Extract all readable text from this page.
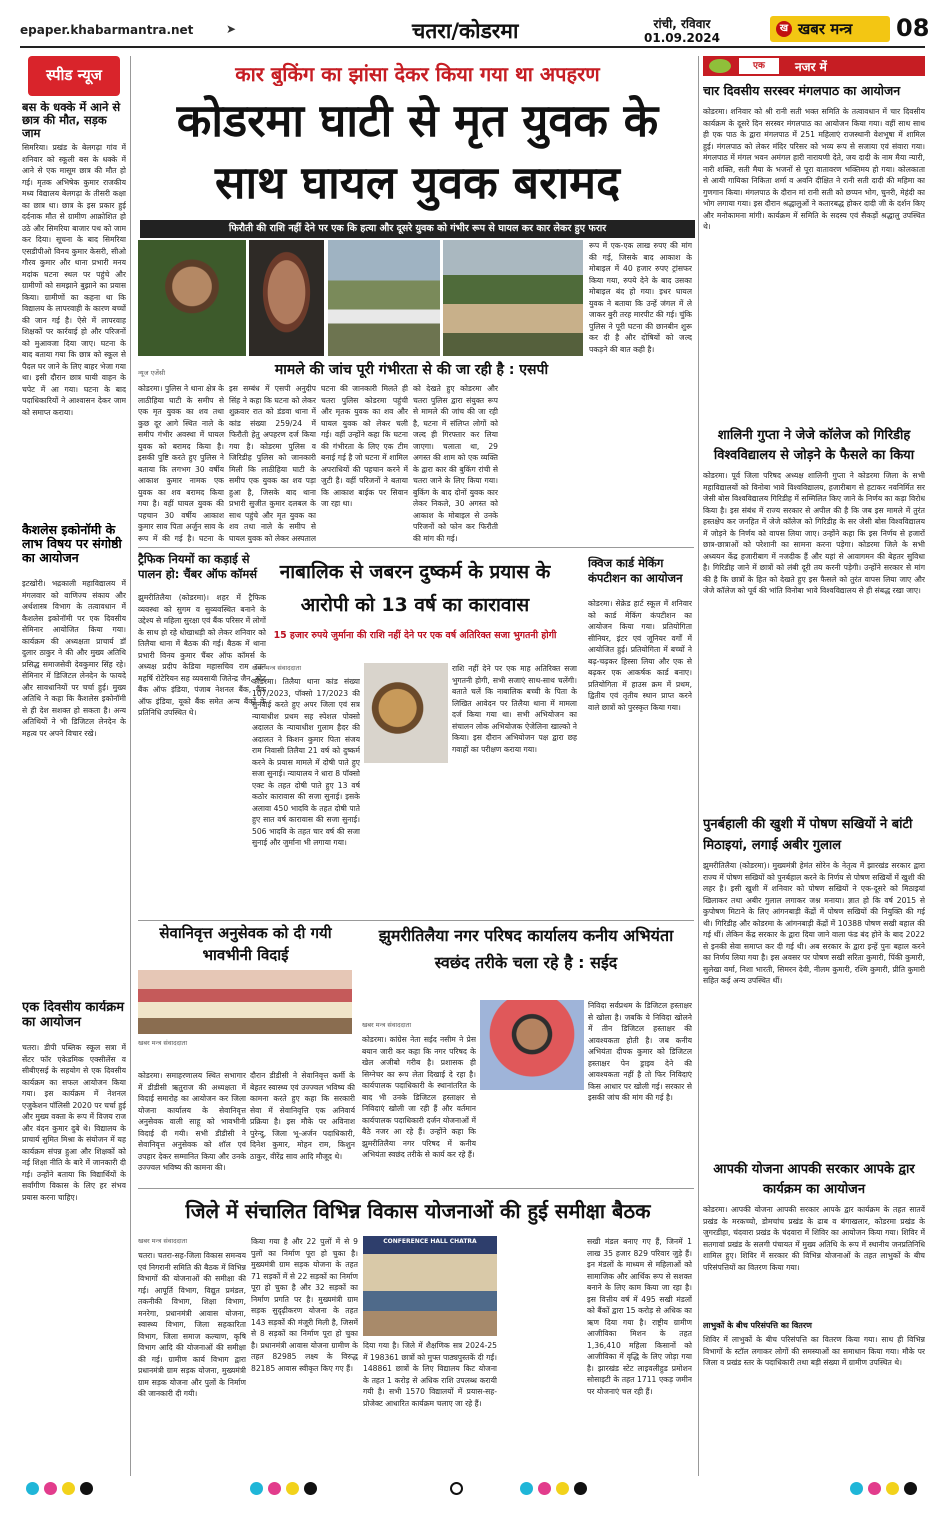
epaper.khabarmantra.net	➤	चतरा/कोडरमा	रांची, रविवार
01.09.2024
ख खबर मन्त्र	08
स्पीड न्यूज
बस के धक्के में आने से छात्र की मौत, सड़क जाम
सिमरिया। प्रखंड के बेलगढ़ा गांव में शनिवार को स्कूली बस के धक्के में आने से एक मासूम छात्र की मौत हो गई। मृतक अभिषेक कुमार राजकीय मध्य विद्यालय बेलगढ़ा के तीसरी कक्षा का छात्र था। छात्र के इस प्रकार हुई दर्दनाक मौत से ग्रामीण आक्रोशित हो उठे और सिमरिया बाजार पथ को जाम कर दिया। सूचना के बाद सिमरिया एसडीपीओ विनय कुमार केसरी, सीओ गौरव कुमार और थाना प्रभारी मनय मदांक घटना स्थल पर पहुंचे और ग्रामीणों को समझाने बुझाने का प्रयास किया। ग्रामीणों का कहना था कि विद्यालय के लापरवाही के कारण बच्चों की जान गई है। ऐसे में लापरवाह शिक्षकों पर कार्रवाई हो और परिजनों को मुआवजा दिया जाए। घटना के बाद बताया गया कि छात्र को स्कूल से पैदल घर जाने के लिए बाहर भेजा गया था। इसी दौरान छात्र घायी वाहन के चपेट में आ गया। घटना के बाद पदाधिकारियों ने आश्वासन देकर जाम को समाप्त कराया।
कैशलेस इकोनॉमी के लाभ विषय पर संगोष्ठी का आयोजन
इटखोरी। भद्रकाली महाविद्यालय में मंगलवार को वाणिज्य संकाय और अर्थशास्त्र विभाग के तत्वावधान में कैशलेस इकोनॉमी पर एक दिवसीय सेमिनार आयोजित किया गया। कार्यक्रम की अध्यक्षता प्राचार्य डॉ दुलार ठाकुर ने की और मुख्य अतिथि प्रसिद्ध समाजसेवी देवकुमार सिंह रहे। सेमिनार में डिजिटल लेनदेन के फायदे और सावधानियों पर चर्चा हुई। मुख्य अतिथि ने कहा कि कैशलेस इकोनॉमी से ही देश सशक्त हो सकता है। अन्य अतिथियों ने भी डिजिटल लेनदेन के महत्व पर अपने विचार रखे।
एक दिवसीय कार्यक्रम का आयोजन
चतरा। डीपी पब्लिक स्कूल सत्रा में सेंटर फॉर एकेडमिक एक्सीलेंस व सीबीएसई के सहयोग से एक दिवसीय कार्यक्रम का सफल आयोजन किया गया। इस कार्यक्रम में नेशनल एजुकेशन पॉलिसी 2020 पर चर्चा हुई और मुख्य वक्ता के रूप में विजय राज और वंदन कुमार दुबे थे। विद्यालय के प्राचार्य सुमित मिश्रा के संयोजन में यह कार्यक्रम संपन्न हुआ और शिक्षकों को नई शिक्षा नीति के बारे में जानकारी दी गई। उन्होंने बताया कि विद्यार्थियों के सर्वांगीण विकास के लिए हर संभव प्रयास करना चाहिए।
कार बुकिंग का झांसा देकर किया गया था अपहरण
कोडरमा घाटी से मृत युवक के साथ घायल युवक बरामद
फिरौती की राशि नहीं देने पर एक कि हत्या और दूसरे युवक को गंभीर रूप से घायल कर कार लेकर हुए फरार
न्यूज एजेंसी	मामले की जांच पूरी गंभीरता से की जा रही है : एसपी
कोडरमा। पुलिस ने थाना क्षेत्र के लाठीहिया घाटी के समीप से एक मृत युवक का शव तथा कुछ दूर आगे स्थित नाले के समीप गंभीर अवस्था में घायल युवक को बरामद किया है। इसकी पुष्टि करते हुए पुलिस ने बताया कि लगभग 30 वर्षीय आकाश कुमार नामक एक युवक का शव बरामद किया गया है। वहीं घायल युवक की पहचान 30 वर्षीय आकाश कुमार साव पिता अर्जुन साव के रूप में की गई है। घटना के
इस सम्बंध में एसपी अनुदीप सिंह ने कहा कि घटना को लेकर शुक्रवार रात को डंडवा थाना में कांड संख्या 259/24 में फिरौती हेतु अपहरण दर्ज किया गया है। कोडरमा पुलिस व जिरिडीह पुलिस को जानकारी मिली कि लाठीहिया घाटी के समीप एक युवक का शव पड़ा हुआ है, जिसके बाद थाना प्रभारी सुजीत कुमार दलबल के साथ पहुंचे और मृत युवक का शव तथा नाले के समीप से घायल युवक को लेकर अस्पताल
घटना की जानकारी मिलते ही चतरा पुलिस कोडरमा पहुंची और मृतक युवक का शव और घायल युवक को लेकर चली गई। वहीं उन्होंने कहा कि घटना की गंभीरता के लिए एक टीम बनाई गई है जो घटना में शामिल अपराधियों की पहचान करने में जुटी है। वहीं परिजनों ने बताया कि आकाश बाईक पर सिवान जा रहा था।
को देखते हुए कोडरमा और चतरा पुलिस द्वारा संयुक्त रूप से मामले की जांच की जा रही है, घटना में संलिप्त लोगों को जल्द ही गिरफ्तार कर लिया जाएगा। चलाता था, 29 अगस्त की शाम को एक व्यक्ति के द्वारा कार की बुकिंग रांची से चतरा जाने के लिए किया गया। बुकिंग के बाद दोनों युवक कार लेकर निकले, 30 अगस्त को आकाश के मोबाइल से उनके परिजनों को फोन कर फिरौती की मांग की गई।
रूप में एक-एक लाख रुपए की मांग की गई, जिसके बाद आकाश के मोबाइल में 40 हजार रुपए ट्रांसफर किया गया, रुपये देने के बाद उसका मोबाइल बंद हो गया। इधर घायल युवक ने बताया कि उन्हें जंगल में ले जाकर बुरी तरह मारपीट की गई। चुंकि पुलिस ने पूरी घटना की छानबीन शुरू कर दी है और दोषियों को जल्द पकड़ने की बात कही है।
ट्रैफिक नियमों का कड़ाई से पालन हो: चैंबर ऑफ कॉमर्स
झुमरीतिलैया (कोडरमा)। शहर में ट्रैफिक व्यवस्था को सुगम व सुव्यवस्थित बनाने के उद्देश्य से महिला सुरक्षा एवं बैंक परिसर में लोगों के साथ हो रहे धोखाधड़ी को लेकर शनिवार को तिलैया थाना में बैठक की गई। बैठक में थाना प्रभारी विनय कुमार चैंबर ऑफ कॉमर्स के अध्यक्ष प्रदीप केडिया महासचिव राम रतन महर्षि रोटेरियन सह व्यवसायी जितेन्द्र जैन, स्टेट बैंक ऑफ इंडिया, पंजाब नेशनल बैंक, बैंक ऑफ इंडिया, यूको बैंक समेत अन्य बैंकों के प्रतिनिधि उपस्थित थे।
नाबालिक से जबरन दुष्कर्म के प्रयास के आरोपी को 13 वर्ष का कारावास
15 हजार रुपये जुर्माना की राशि नहीं देने पर एक वर्ष अतिरिक्त सजा भुगतनी होगी
खबर मन्त्र संवाददाता
कोडरमा। तिलैया थाना कांड संख्या 107/2023, पॉक्सो 17/2023 की सुनवाई करते हुए अपर जिला एवं सत्र न्यायाधीश प्रथम सह स्पेशल पोक्सो अदालत के न्यायाधीश गुलाम हैदर की अदालत ने किशन कुमार पिता संजय राम निवासी तिलैया 21 वर्ष को दुष्कर्म करने के प्रयास मामले में दोषी पाते हुए सजा सुनाई। न्यायालय ने धारा 8 पॉक्सो एक्ट के तहत दोषी पाते हुए 13 वर्ष कठोर कारावास की सजा सुनाई। इसके अलावा 450 भादवि के तहत दोषी पाते हुए सात वर्ष कारावास की सजा सुनाई। 506 भादवि के तहत चार वर्ष की सजा सुनाई और जुर्माना भी लगाया गया।
राशि नहीं देने पर एक माह अतिरिक्त सजा भुगतनी होगी, सभी सजाएं साथ-साथ चलेंगी। बताते चलें कि नाबालिक बच्ची के पिता के लिखित आवेदन पर तिलैया थाना में मामला दर्ज किया गया था। सभी अभियोजन का संचालन लोक अभियोजक ऐजेलिना खाल्को ने किया। इस दौरान अभियोजन पक्ष द्वारा छह गवाहों का परीक्षण कराया गया।
क्विज कार्ड मेकिंग कंपटीशन का आयोजन
कोडरमा। सेक्रेड हार्ट स्कूल में शनिवार को कार्ड मेकिंग कंपटीशन का आयोजन किया गया। प्रतियोगिता सीनियर, इंटर एवं जूनियर वर्गों में आयोजित हुई। प्रतियोगिता में बच्चों ने बढ़-चढ़कर हिस्सा लिया और एक से बढ़कर एक आकर्षक कार्ड बनाए। प्रतियोगिता में हाउस क्रम में प्रथम, द्वितीय एवं तृतीय स्थान प्राप्त करने वाले छात्रों को पुरस्कृत किया गया।
सेवानिवृत्त अनुसेवक को दी गयी भावभीनी विदाई
खबर मन्त्र संवाददाता
कोडरमा। समाहरणालय स्थित सभागार में डीडीसी ऋतुराज की अध्यक्षता में विदाई समारोह का आयोजन कर जिला योजना कार्यालय के सेवानिवृत्त अनुसेवक वाली साहू को भावभीनी विदाई दी गयी। सभी डीडीसी ने सेवानिवृत्त अनुसेवक को शॉल एवं उपहार देकर सम्मानित किया और उनके उज्ज्वल भविष्य की कामना की।
दौरान डीडीसी ने सेवानिवृत्त कर्मी के बेहतर स्वास्थ्य एवं उज्ज्वल भविष्य की कामना करते हुए कहा कि सरकारी सेवा में सेवानिवृत्ति एक अनिवार्य प्रक्रिया है। इस मौके पर अविनाश पुरेन्दु, जिला भू-अर्जन पदाधिकारी, दिनेश कुमार, मोहन राम, किशुन ठाकुर, वीरेंद्र साव आदि मौजूद थे।
झुमरीतिलैया नगर परिषद कार्यालय कनीय अभियंता स्वछंद तरीके चला रहे है : सईद
खबर मन्त्र संवाददाता
कोडरमा। कांग्रेस नेता सईद नसीम ने प्रेस बयान जारी कर कहा कि नगर परिषद के खेल अजीबो गरीब है। प्रशासक ही सिग्नेचर का रूप लेता दिखाई दे रहा है। कार्यपालक पदाधिकारी के स्थानांतरित के बाद भी उनके डिजिटल हस्ताक्षर से निविदाएं खोली जा रही हैं और वर्तमान कार्यपालक पदाधिकारी दर्जन योजनाओं में बैठे नजर आ रहे हैं। उन्होंने कहा कि झुमरीतिलैया नगर परिषद में कनीय अभियंता स्वछंद तरीके से कार्य कर रहे हैं।
निविदा सर्वप्रथम के डिजिटल हस्ताक्षर से खोला है। जबकि ये निविदा खोलने में तीन डिजिटल हस्ताक्षर की आवश्यकता होती है। जब कनीय अभियंता दीपक कुमार को डिजिटल हस्ताक्षर पेन ड्राइव देने की आवश्यकता नहीं है तो फिर निविदाएं किस आधार पर खोली गई। सरकार से इसकी जांच की मांग की गई है।
जिले में संचालित विभिन्न विकास योजनाओं की हुई समीक्षा बैठक
खबर मन्त्र संवाददाता
चतरा। चतरा-सह-जिला विकास समन्वय एवं निगरानी समिति की बैठक में विभिन्न विभागों की योजनाओं की समीक्षा की गई। आपूर्ति विभाग, विद्युत प्रमंडल, तकनीकी विभाग, शिक्षा विभाग, मनरेगा, प्रधानमंत्री आवास योजना, स्वास्थ्य विभाग, जिला सहकारिता विभाग, जिला समाज कल्याण, कृषि विभाग आदि की योजनाओं की समीक्षा की गई। ग्रामीण कार्य विभाग द्वारा प्रधानमंत्री ग्राम सड़क योजना, मुख्यमंत्री ग्राम सड़क योजना और पुलों के निर्माण की जानकारी दी गयी।
किया गया है और 22 पुलों में से 9 पुलों का निर्माण पूरा हो चुका है। मुख्यमंत्री ग्राम सड़क योजना के तहत 71 सड़कों में से 22 सड़कों का निर्माण पूरा हो चुका है और 32 सड़कों का निर्माण प्रगति पर है। मुख्यमंत्री ग्राम सड़क सुदृढ़ीकरण योजना के तहत 143 सड़कों की मंजूरी मिली है, जिसमें से 8 सड़कों का निर्माण पूरा हो चुका है। प्रधानमंत्री आवास योजना ग्रामीण के तहत 82985 लक्ष्य के विरुद्ध 82185 आवास स्वीकृत किए गए हैं।
CONFERENCE HALL CHATRA
दिया गया है। जिले में शैक्षणिक सत्र 2024-25 में 198361 छात्रों को मुफ्त पाठ्यपुस्तकें दी गईं। 148861 छात्रों के लिए विद्यालय किट योजना के तहत 1 करोड़ से अधिक राशि उपलब्ध करायी गयी है। सभी 1570 विद्यालयों में प्रयास-सह-प्रोजेक्ट आधारित कार्यक्रम चलाए जा रहे हैं।
सखी मंडल बनाए गए हैं, जिनमें 1 लाख 35 हजार 829 परिवार जुड़े हैं। इन मंडलों के माध्यम से महिलाओं को सामाजिक और आर्थिक रूप से सशक्त बनाने के लिए काम किया जा रहा है। इस वित्तीय वर्ष में 495 सखी मंडलों को बैंकों द्वारा 15 करोड़ से अधिक का ऋण दिया गया है। राष्ट्रीय ग्रामीण आजीविका मिशन के तहत 1,36,410 महिला किसानों को आजीविका में वृद्धि के लिए जोड़ा गया है। झारखंड स्टेट लाइवलीहुड प्रमोशन सोसाइटी के तहत 1711 एकड़ जमीन पर योजनाएं चल रही हैं।
एक	नजर में
चार दिवसीय सरस्वर मंगलपाठ का आयोजन
कोडरमा। शनिवार को श्री रानी सती भक्त समिति के तत्वावधान में चार दिवसीय कार्यक्रम के दूसरे दिन सरस्वर मंगलपाठ का आयोजन किया गया। वहीं साथ साथ ही एक पाठ के द्वारा मंगलपाठ में 251 महिलाएं राजस्थानी वेशभूषा में शामिल हुई। मंगलपाठ को लेकर मंदिर परिसर को भव्य रूप से सजाया एवं संवारा गया। मंगलपाठ में मंगल भवन अमंगल हारी नारायणी देते, जय दादी के नाम मैया न्यारी, नारी शक्ति, सती मैया के भजनों से पूरा वातावरण भक्तिमय हो गया। कोलकाता से आयी गायिका निकिता शर्मा व अवनि दीक्षित ने रानी सती दादी की महिमा का गुणगान किया। मंगलपाठ के दौरान मां रानी सती को छप्पन भोग, चुनरी, मेहंदी का भोग लगाया गया। इस दौरान श्रद्धालुओं ने कतारबद्ध होकर दादी जी के दर्शन किए और मनोकामना मांगी। कार्यक्रम में समिति के सदस्य एवं सैकड़ों श्रद्धालु उपस्थित थे।
शालिनी गुप्ता ने जेजे कॉलेज को गिरिडीह विश्वविद्यालय से जोड़ने के फैसले का किया
कोडरमा। पूर्व जिला परिषद अध्यक्ष शालिनी गुप्ता ने कोडरमा जिला के सभी महाविद्यालयों को विनोबा भावे विश्वविद्यालय, हजारीबाग से हटाकर नवनिर्मित सर जेसी बोस विश्वविद्यालय गिरिडीह में सम्मिलित किए जाने के निर्णय का कड़ा विरोध किया है। इस संबंध में राज्य सरकार से अपील की है कि जब इस मामले में तुरंत हस्तक्षेप कर जनहित में जेजे कॉलेज को गिरिडीह के सर जेसी बोस विश्वविद्यालय में जोड़ने के निर्णय को वापस लिया जाए। उन्होंने कहा कि इस निर्णय से हजारों छात्र-छात्राओं को परेशानी का सामना करना पड़ेगा। कोडरमा जिले के सभी अध्ययन केंद्र हजारीबाग में नजदीक हैं और यहां से आवागमन की बेहतर सुविधा है। गिरिडीह जाने में छात्रों को लंबी दूरी तय करनी पड़ेगी। उन्होंने सरकार से मांग की है कि छात्रों के हित को देखते हुए इस फैसले को तुरंत वापस लिया जाए और जेजे कॉलेज को पूर्व की भांति विनोबा भावे विश्वविद्यालय से ही संबद्ध रखा जाए।
पुनर्बहाली की खुशी में पोषण सखियों ने बांटी मिठाइयां, लगाई अबीर गुलाल
झुमरीतिलैया (कोडरमा)। मुख्यमंत्री हेमंत सोरेन के नेतृत्व में झारखंड सरकार द्वारा राज्य में पोषण सखियों को पुनर्बहाल करने के निर्णय से पोषण सखियों में खुशी की लहर है। इसी खुशी में शनिवार को पोषण सखियों ने एक-दूसरे को मिठाइयां खिलाकर तथा अबीर गुलाल लगाकर जश्न मनाया। ज्ञात हो कि वर्ष 2015 से कुपोषण मिटाने के लिए आंगनबाड़ी केंद्रों में पोषण सखियों की नियुक्ति की गई थी। गिरिडीह और कोडरमा के आंगनबाड़ी केंद्रों में 10388 पोषण सखी बहाल की गई थीं। लेकिन केंद्र सरकार के द्वारा दिया जाने वाला फंड बंद होने के बाद 2022 से इनकी सेवा समाप्त कर दी गई थी। अब सरकार के द्वारा इन्हें पुनः बहाल करने का निर्णय लिया गया है। इस अवसर पर पोषण सखी सरिता कुमारी, पिंकी कुमारी, सुलेखा वर्मा, निशा भारती, सिमरन देवी, नीलम कुमारी, रश्मि कुमारी, प्रीति कुमारी सहित कई अन्य उपस्थित थीं।
आपकी योजना आपकी सरकार आपके द्वार कार्यक्रम का आयोजन
कोडरमा। आपकी योजना आपकी सरकार आपके द्वार कार्यक्रम के तहत सातवें प्रखंड के मरकच्चो, डोमचांच प्रखंड के ढाब व बंगाखलार, कोडरमा प्रखंड के जुगरडीहा, चंदवारा प्रखंड के चंदवारा में शिविर का आयोजन किया गया। शिविर में सतगावां प्रखंड के सलगी पंचायत में मुख्य अतिथि के रूप में स्थानीय जनप्रतिनिधि शामिल हुए। शिविर में सरकार की विभिन्न योजनाओं के तहत लाभुकों के बीच परिसंपत्तियों का वितरण किया गया।
लाभुकों के बीच परिसंपत्ति का वितरण
शिविर में लाभुकों के बीच परिसंपत्ति का वितरण किया गया। साथ ही विभिन्न विभागों के स्टॉल लगाकर लोगों की समस्याओं का समाधान किया गया। मौके पर जिला व प्रखंड स्तर के पदाधिकारी तथा बड़ी संख्या में ग्रामीण उपस्थित थे।
